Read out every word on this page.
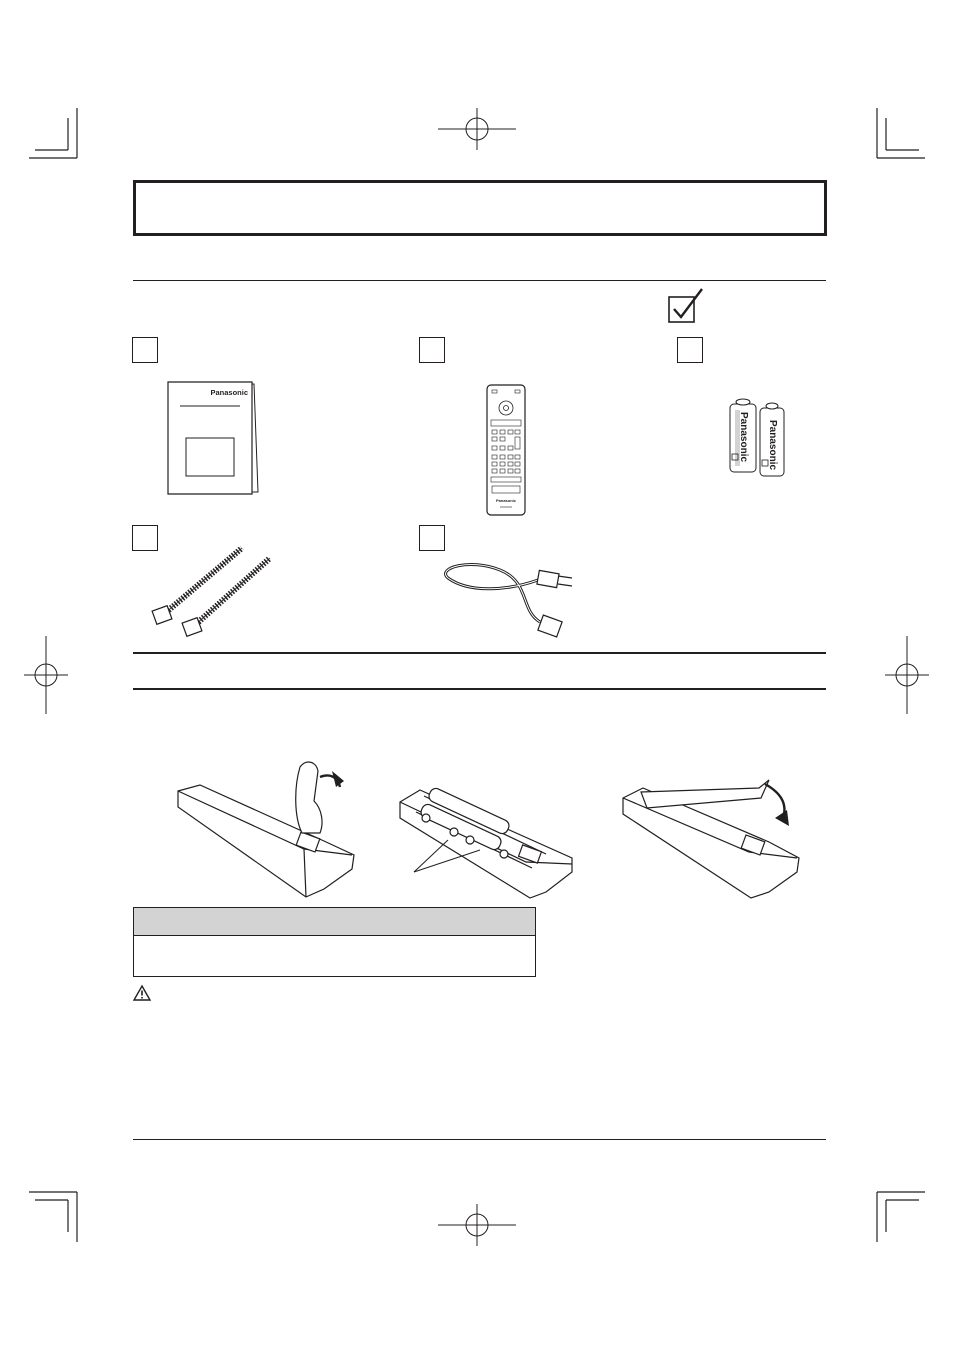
Panasonic
Panasonic
Panasonic Panasonic
